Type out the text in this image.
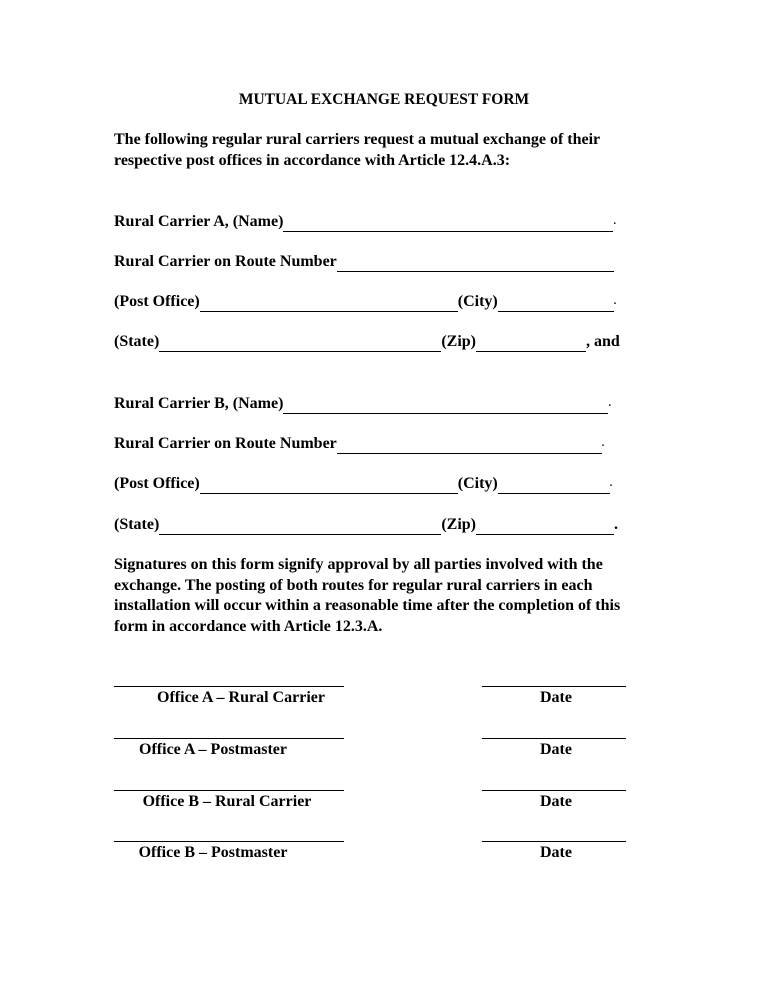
MUTUAL EXCHANGE REQUEST FORM
The following regular rural carriers request a mutual exchange of their respective post offices in accordance with Article 12.4.A.3:
Rural Carrier A, (Name)	.
Rural Carrier on Route Number
(Post Office)	(City)	.
(State)	(Zip)	, and
Rural Carrier B, (Name)	.
Rural Carrier on Route Number	.
(Post Office)	(City)	.
(State)	(Zip)	.
Signatures on this form signify approval by all parties involved with the exchange. The posting of both routes for regular rural carriers in each installation will occur within a reasonable time after the completion of this form in accordance with Article 12.3.A.
Office A – Rural Carrier	Date
Office A – Postmaster	Date
Office B – Rural Carrier	Date
Office B – Postmaster	Date
